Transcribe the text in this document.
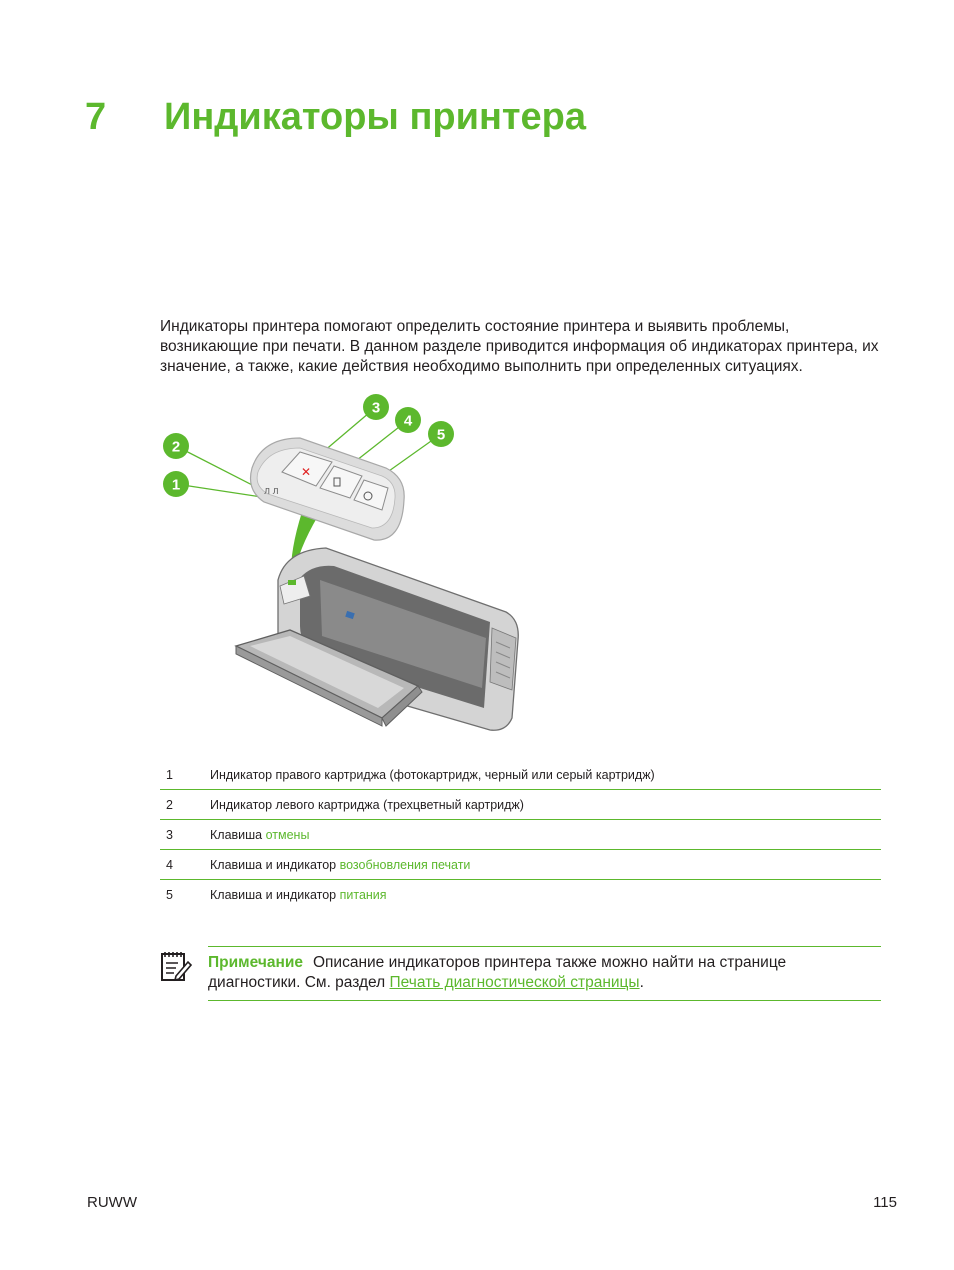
7 Индикаторы принтера

Индикаторы принтера помогают определить состояние принтера и выявить проблемы, возникающие при печати. В данном разделе приводится информация об индикаторах принтера, их значение, а также, какие действия необходимо выполнить при определенных ситуациях.

✕
Л Л
1
2
3
4
5
1	Индикатор правого картриджа (фотокартридж, черный или серый картридж)
2	Индикатор левого картриджа (трехцветный картридж)
3	Клавиша отмены
4	Клавиша и индикатор возобновления печати
5	Клавиша и индикатор питания
Примечание Описание индикаторов принтера также можно найти на странице диагностики. См. раздел Печать диагностической страницы.
RUWW	115
